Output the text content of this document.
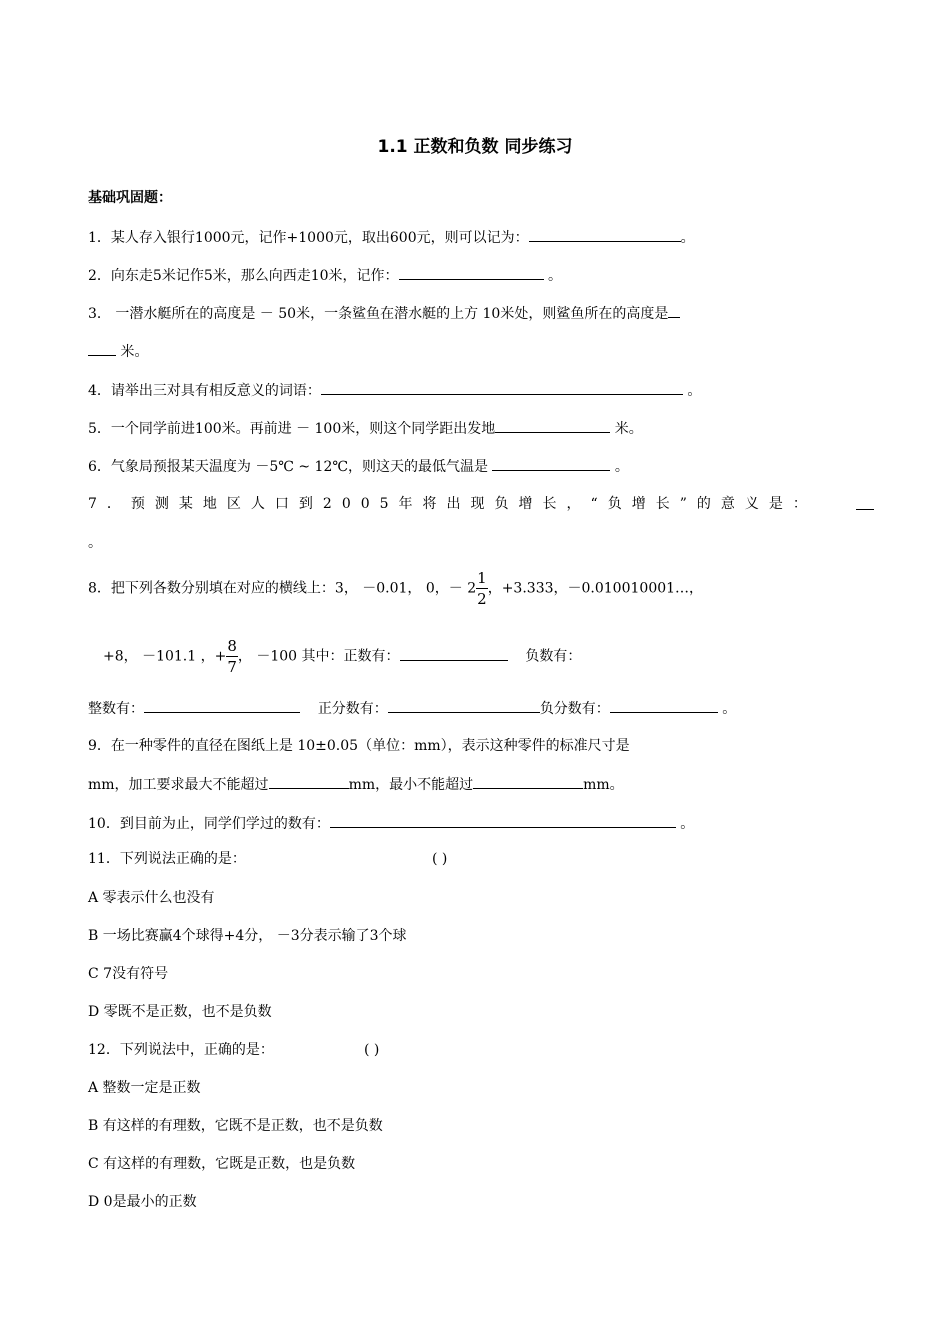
1.1 正数和负数 同步练习
基础巩固题：
1．某人存入银行1000元，记作+1000元，取出600元，则可以记为：	。
2．向东走5米记作5米，那么向西走10米，记作：	。
3． 一潜水艇所在的高度是 － 50米，一条鲨鱼在潜水艇的上方 10米处，则鲨鱼所在的高度是
米。
4．请举出三对具有相反意义的词语：	。
5．一个同学前进100米。再前进 － 100米，则这个同学距出发地	米。
6．气象局预报某天温度为 －5℃ ~ 12℃，则这天的最低气温是	。
7．预测某地区人口到2005年将出现负增长，“负增长”的意义是：
。
8．把下列各数分别填在对应的横线上：3， －0.01， 0，－ $2 \frac{1}{2}$ ，+3.333，－0.010010001…，
+8， －101.1 ，+ $\frac{8}{7}$ ， －100 其中：正数有：	负数有：
整数有：	正分数有：	负分数有：	。
9．在一种零件的直径在图纸上是 10±0.05（单位：mm），表示这种零件的标准尺寸是
mm，加工要求最大不能超过	mm，最小不能超过	mm。
10．到目前为止，同学们学过的数有：	。
11．下列说法正确的是：	( )
A 零表示什么也没有
B 一场比赛赢4个球得+4分， －3分表示输了3个球
C 7没有符号
D 零既不是正数，也不是负数
12．下列说法中，正确的是：	( )
A 整数一定是正数
B 有这样的有理数，它既不是正数，也不是负数
C 有这样的有理数，它既是正数，也是负数
D 0是最小的正数
